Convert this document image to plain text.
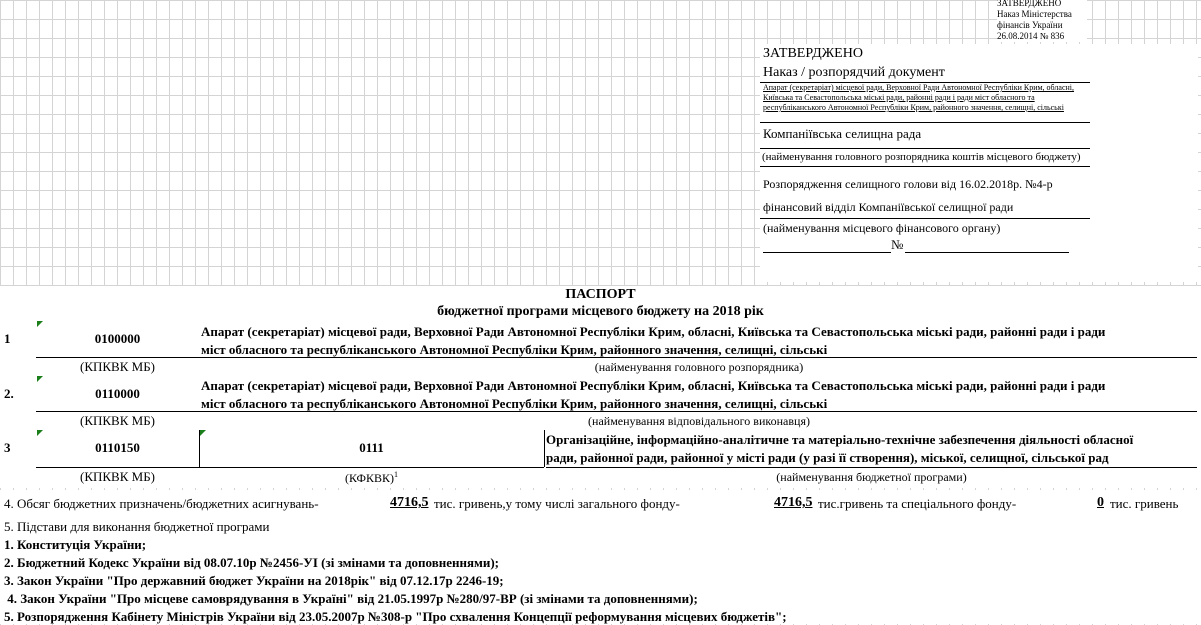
ЗАТВЕРДЖЕНО
Наказ Міністерства фінансів України
26.08.2014 № 836
ЗАТВЕРДЖЕНО
Наказ / розпорядчий документ
Апарат (секретаріат) місцевої ради, Верховної Ради Автономної Республіки Крим, обласні,
Київська та Севастопольська міські ради, районні ради і ради міст обласного та
республіканського Автономної Республіки Крим, районного значення, селищні, сільські
Компаніївська селищна рада
(найменування головного розпорядника коштів місцевого бюджету)
Розпорядження селищного голови від 16.02.2018р. №4-р
фінансовий відділ Компаніївської селищної ради
(найменування місцевого фінансового органу)
№
ПАСПОРТ
бюджетної програми місцевого бюджету на 2018 рік
1	0100000	Апарат (секретаріат) місцевої ради, Верховної Ради Автономної Республіки Крим, обласні, Київська та Севастопольська міські ради, районні ради і ради
міст обласного та республіканського Автономної Республіки Крим, районного значення, селищні, сільські
(КПКВК МБ)	(найменування головного розпорядника)
2.	0110000
Апарат (секретаріат) місцевої ради, Верховної Ради Автономної Республіки Крим, обласні, Київська та Севастопольська міські ради, районні ради і ради
міст обласного та республіканського Автономної Республіки Крим, районного значення, селищні, сільські
(КПКВК МБ)	(найменування відповідального виконавця)
3	0110150	0111
Організаційне, інформаційно-аналітичне та матеріально-технічне забезпечення діяльності обласної
ради, районної ради, районної у місті ради (у разі її створення), міської, селищної, сільської рад
(КПКВК МБ)	(КФКВК)$^1$	(найменування бюджетної програми)
4. Обсяг бюджетних призначень/бюджетних асигнувань-	4716,5 тис. гривень,у тому числі загального фонду-	4716,5 тис.гривень та спеціального фонду-	0 тис. гривень
5. Підстави для виконання бюджетної програми
1. Конституція України;
2. Бюджетний Кодекс України від 08.07.10р №2456-УІ (зі змінами та доповненнями);
3. Закон України "Про державний бюджет України на 2018рік" від 07.12.17р 2246-19;
4. Закон України "Про місцеве самоврядування в Україні" від 21.05.1997р №280/97-ВР (зі змінами та доповненнями);
5. Розпорядження Кабінету Міністрів України від 23.05.2007р №308-р "Про схвалення Концепції реформування місцевих бюджетів";
